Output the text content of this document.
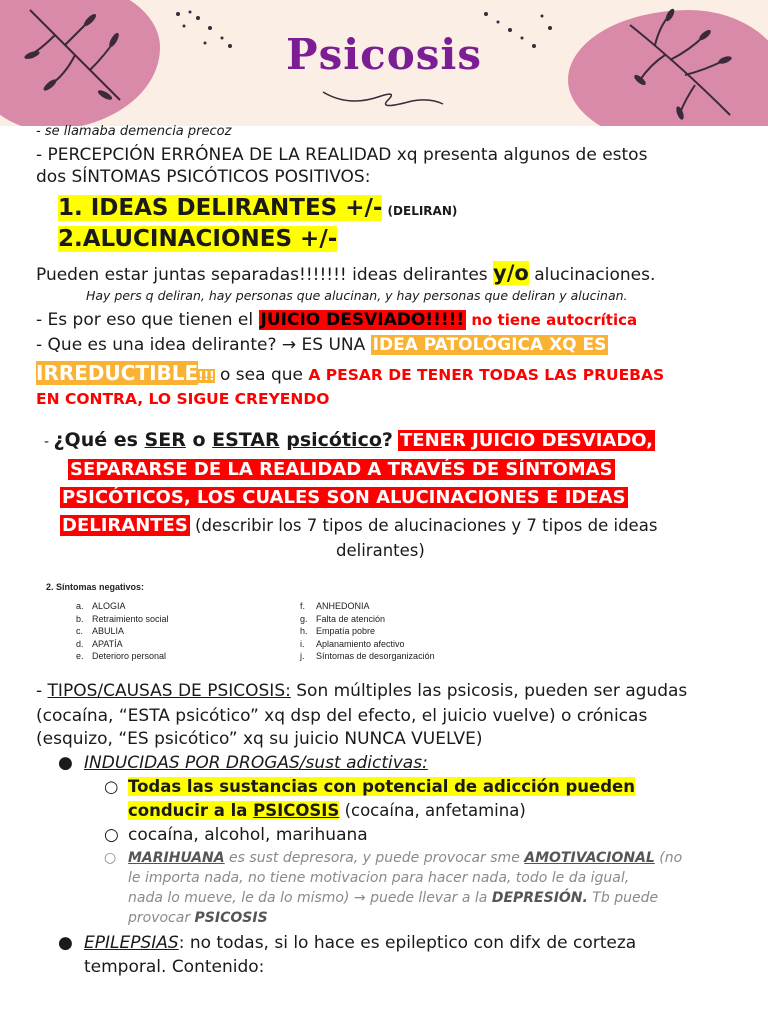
Psicosis
- se llamaba demencia precoz
- PERCEPCIÓN ERRÓNEA DE LA REALIDAD xq presenta algunos de estos
dos SÍNTOMAS PSICÓTICOS POSITIVOS:
1. IDEAS DELIRANTES +/- (DELIRAN)
2.ALUCINACIONES +/-
Pueden estar juntas separadas!!!!!!! ideas delirantes y/o alucinaciones.
Hay pers q deliran, hay personas que alucinan, y hay personas que deliran y alucinan.
- Es por eso que tienen el JUICIO DESVIADO!!!!! no tiene autocrítica
- Que es una idea delirante? → ES UNA IDEA PATOLÓGICA XQ ES
IRREDUCTIBLE!!! o sea que A PESAR DE TENER TODAS LAS PRUEBAS
EN CONTRA, LO SIGUE CREYENDO
- ¿Qué es SER o ESTAR psicótico? TENER JUICIO DESVIADO,
SEPARARSE DE LA REALIDAD A TRAVÉS DE SÍNTOMAS
PSICÓTICOS, LOS CUALES SON ALUCINACIONES E IDEAS
DELIRANTES (describir los 7 tipos de alucinaciones y 7 tipos de ideas
delirantes)
2. Síntomas negativos:
a. ALOGIA
b. Retraimiento social
c. ABULIA
d. APATÍA
e. Deterioro personal
f. ANHEDONIA
g. Falta de atención
h. Empatía pobre
i. Aplanamiento afectivo
j. Síntomas de desorganización
- TIPOS/CAUSAS DE PSICOSIS: Son múltiples las psicosis, pueden ser agudas
(cocaína, “ESTA psicótico” xq dsp del efecto, el juicio vuelve) o crónicas
(esquizo, “ES psicótico” xq su juicio NUNCA VUELVE)
● INDUCIDAS POR DROGAS/sust adictivas:
○ Todas las sustancias con potencial de adicción pueden
conducir a la PSICOSIS (cocaína, anfetamina)
○ cocaína, alcohol, marihuana
○ MARIHUANA es sust depresora, y puede provocar sme AMOTIVACIONAL (no
le importa nada, no tiene motivacion para hacer nada, todo le da igual,
nada lo mueve, le da lo mismo) → puede llevar a la DEPRESIÓN. Tb puede
provocar PSICOSIS
● EPILEPSIAS: no todas, si lo hace es epileptico con difx de corteza
temporal. Contenido:
